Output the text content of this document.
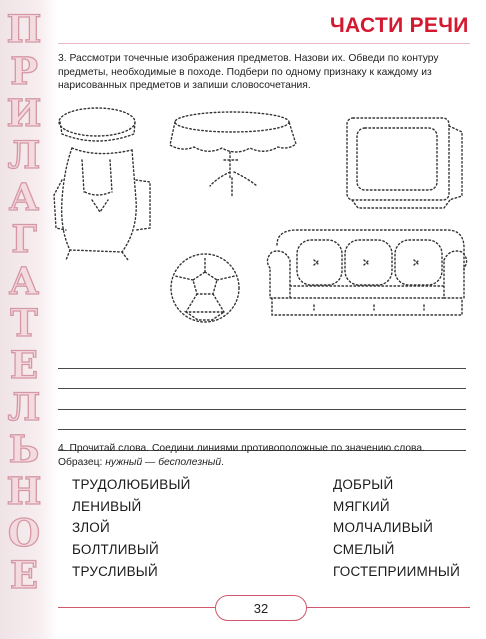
П
Р
И
Л
А
Г
А
Т
Е
Л
Ь
Н
О
Е
ЧАСТИ РЕЧИ
3. Рассмотри точечные изображения предметов. Назови их. Обведи по контуру предметы, необходимые в походе. Подбери по одному признаку к каждому из нарисованных предметов и запиши словосочетания.
4. Прочитай слова. Соедини линиями противоположные по значению слова. Образец: нужный — бесполезный.
ТРУДОЛЮБИВЫЙ
ЛЕНИВЫЙ
ЗЛОЙ
БОЛТЛИВЫЙ
ТРУСЛИВЫЙ
ДОБРЫЙ
МЯГКИЙ
МОЛЧАЛИВЫЙ
СМЕЛЫЙ
ГОСТЕПРИИМНЫЙ
32
